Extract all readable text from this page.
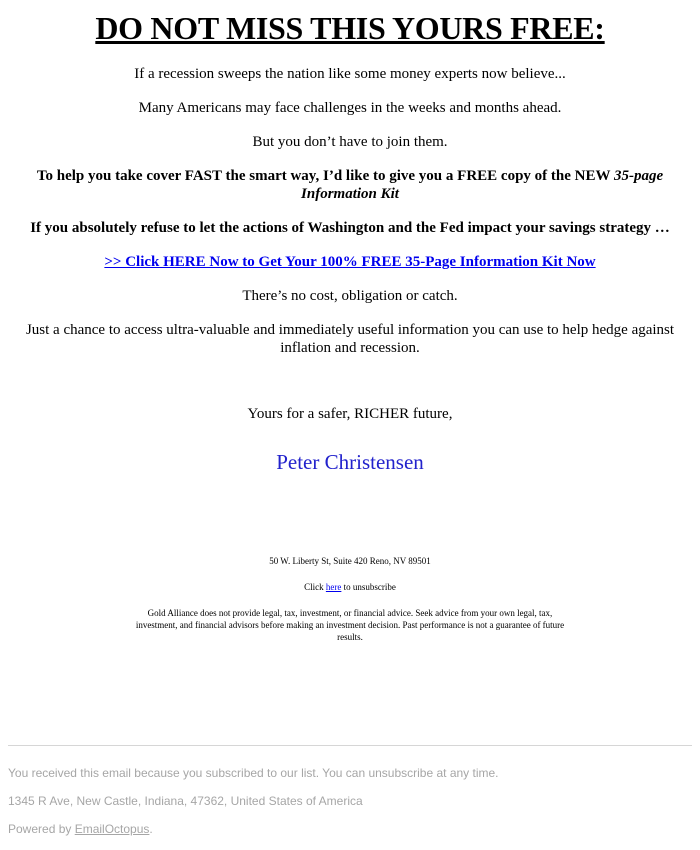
DO NOT MISS THIS YOURS FREE:

If a recession sweeps the nation like some money experts now believe...

Many Americans may face challenges in the weeks and months ahead.

But you don’t have to join them.

To help you take cover FAST the smart way, I’d like to give you a FREE copy of the NEW 35-page Information Kit

If you absolutely refuse to let the actions of Washington and the Fed impact your savings strategy …

>> Click HERE Now to Get Your 100% FREE 35-Page Information Kit Now

There’s no cost, obligation or catch.

Just a chance to access ultra-valuable and immediately useful information you can use to help hedge against inflation and recession.

Yours for a safer, RICHER future,

Peter Christensen

50 W. Liberty St, Suite 420 Reno, NV 89501

Click here to unsubscribe

Gold Alliance does not provide legal, tax, investment, or financial advice. Seek advice from your own legal, tax, investment, and financial advisors before making an investment decision. Past performance is not a guarantee of future results.

You received this email because you subscribed to our list. You can unsubscribe at any time.
1345 R Ave, New Castle, Indiana, 47362, United States of America
Powered by EmailOctopus.
